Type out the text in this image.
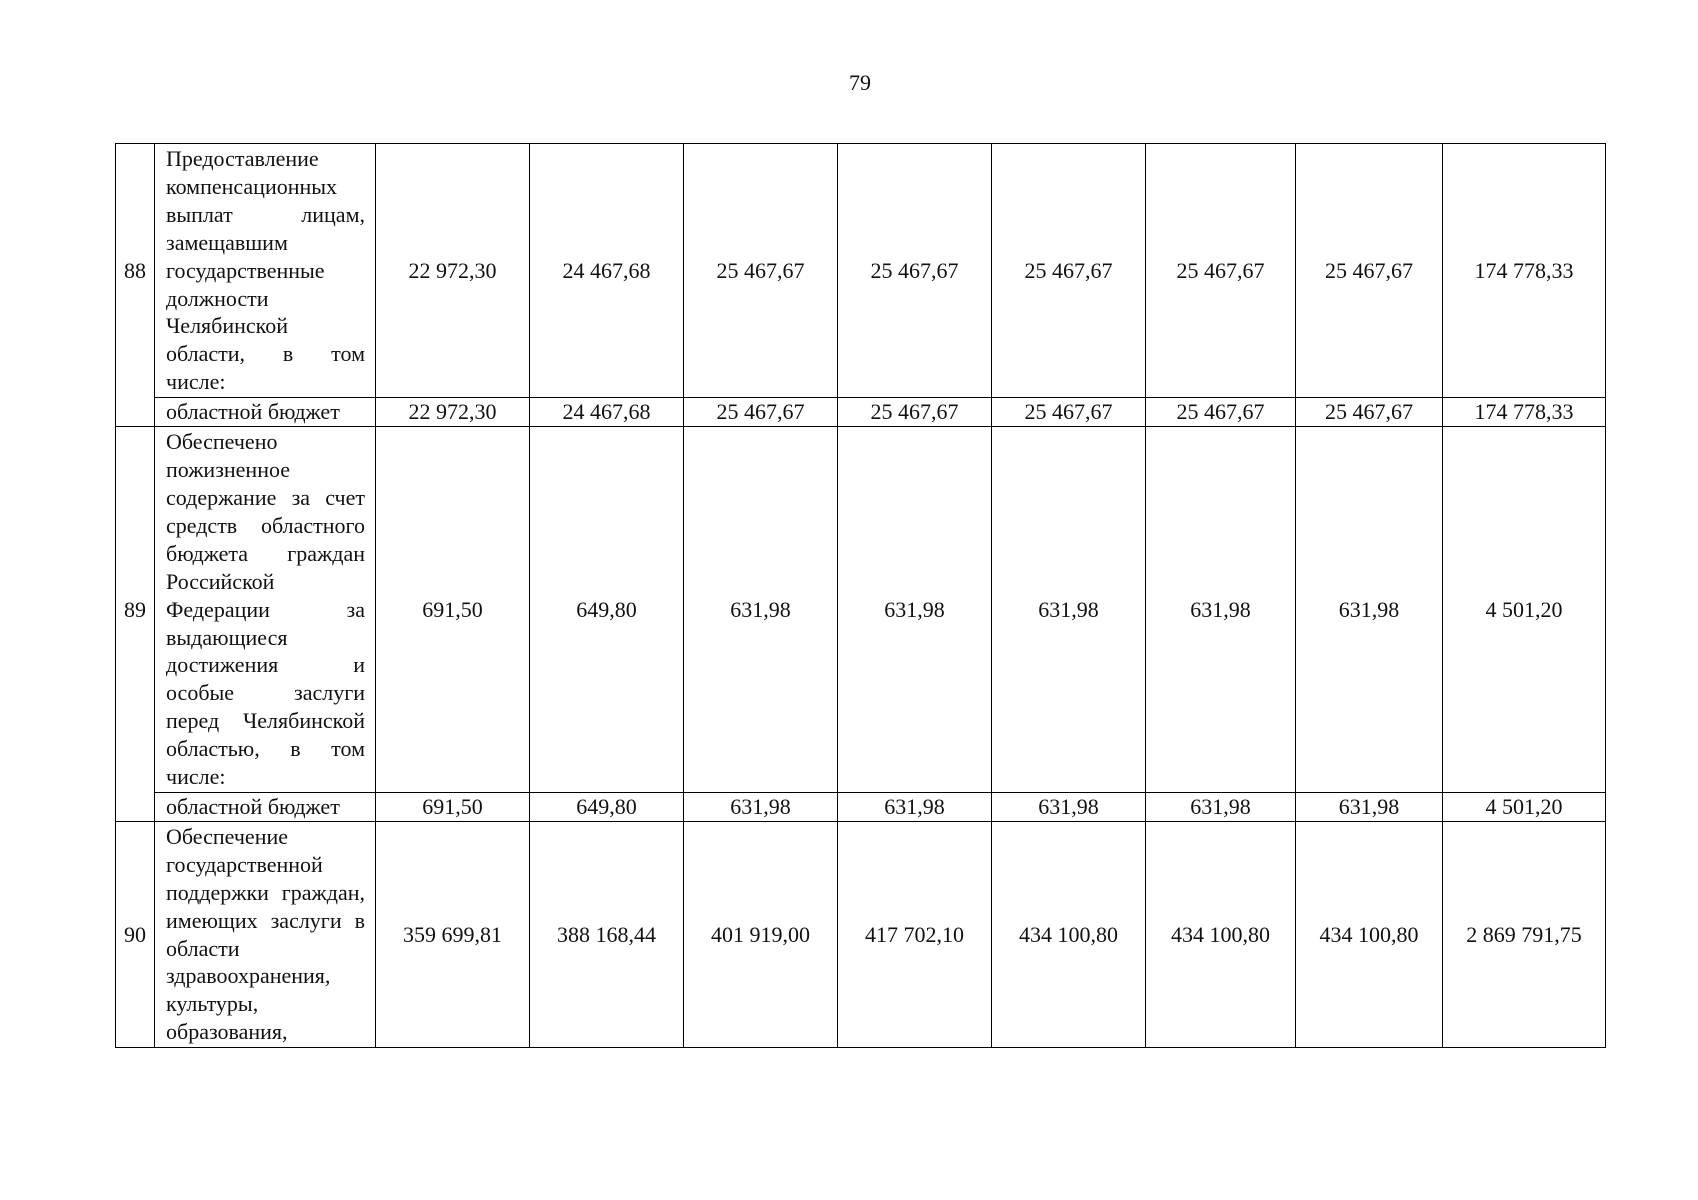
79
88	Предоставление компенсационных выплат лицам, замещавшим государственные должности Челябинской области, в том числе:	22 972,30	24 467,68	25 467,67	25 467,67	25 467,67	25 467,67	25 467,67	174 778,33
	областной бюджет	22 972,30	24 467,68	25 467,67	25 467,67	25 467,67	25 467,67	25 467,67	174 778,33
89	Обеспечено пожизненное содержание за счет средств областного бюджета граждан Российской Федерации за выдающиеся достижения и особые заслуги перед Челябинской областью, в том числе:	691,50	649,80	631,98	631,98	631,98	631,98	631,98	4 501,20
	областной бюджет	691,50	649,80	631,98	631,98	631,98	631,98	631,98	4 501,20
90	Обеспечение государственной поддержки граждан, имеющих заслуги в области здравоохранения, культуры, образования,	359 699,81	388 168,44	401 919,00	417 702,10	434 100,80	434 100,80	434 100,80	2 869 791,75
